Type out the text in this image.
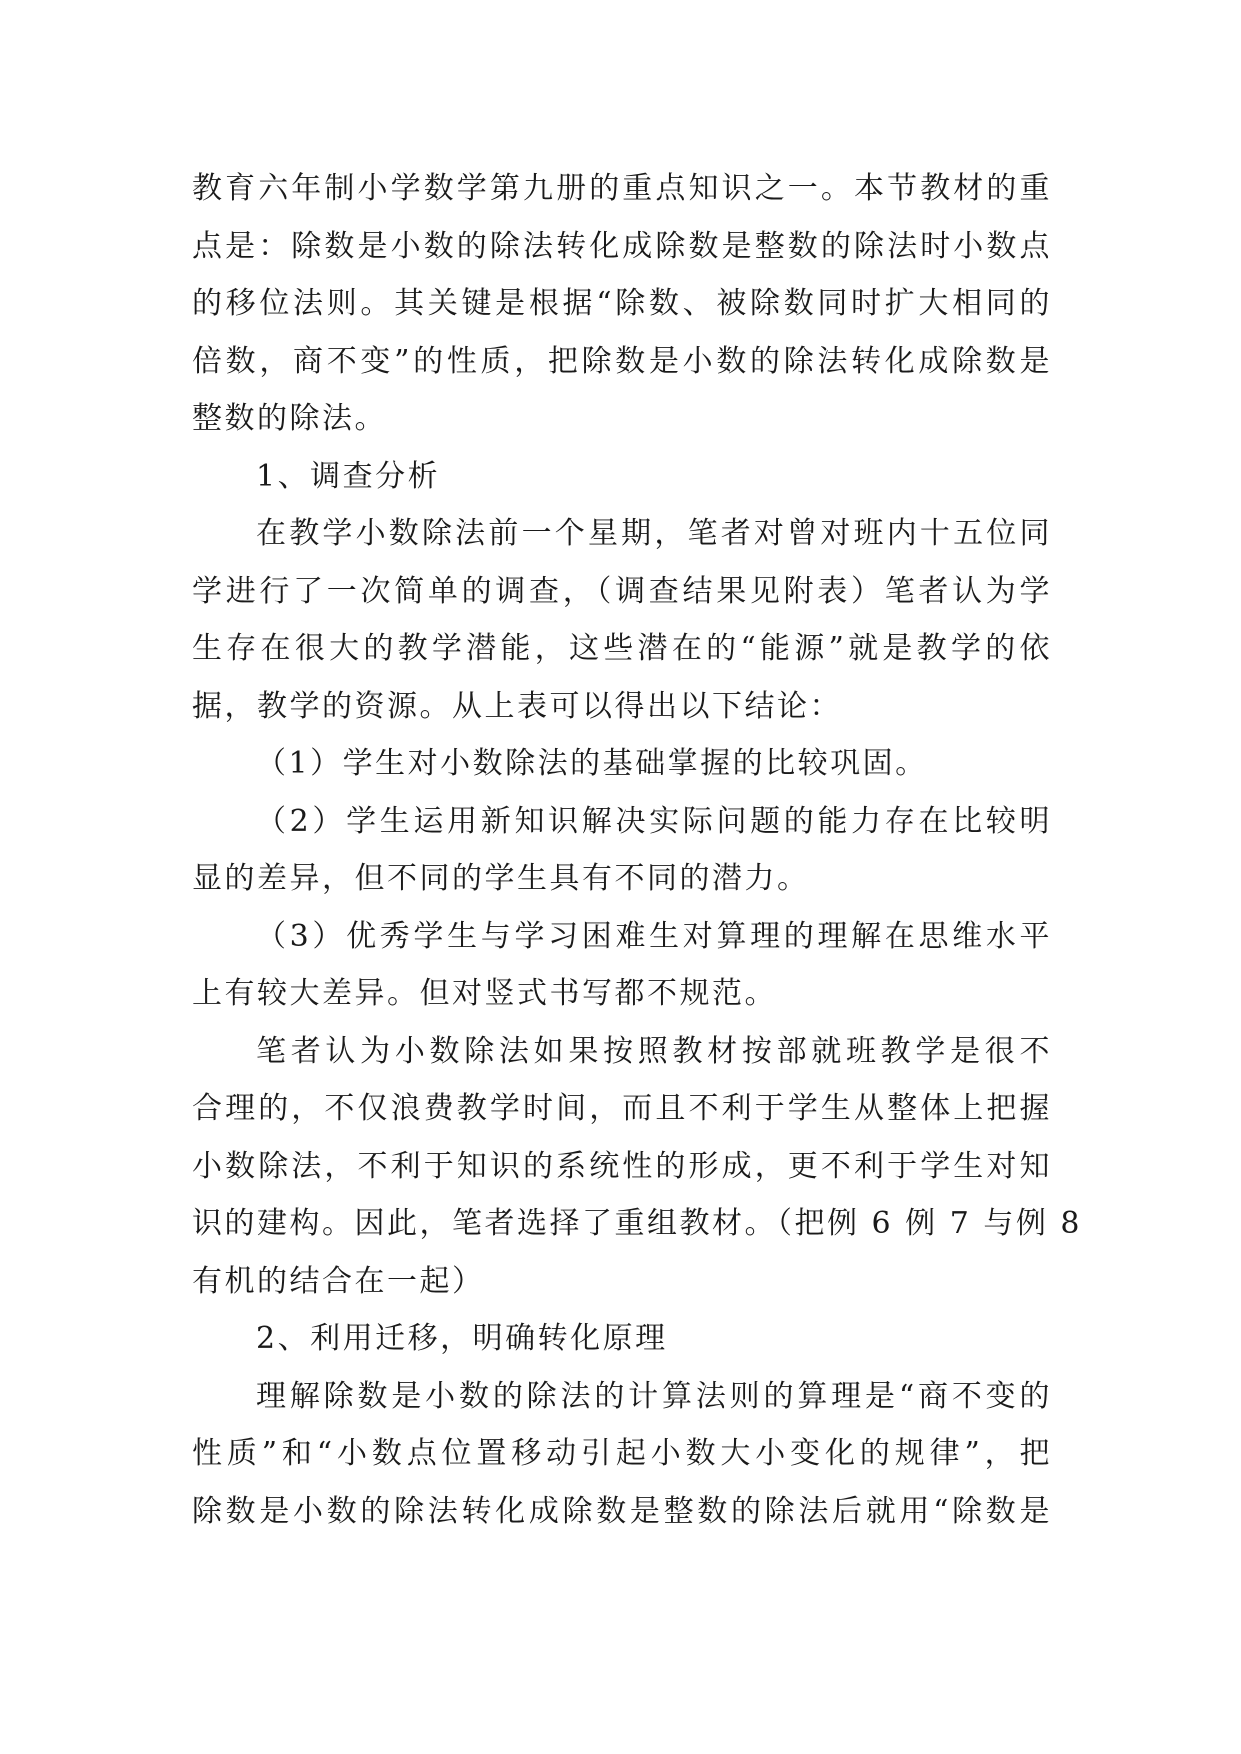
教育六年制小学数学第九册的重点知识之一。本节教材的重
点是：除数是小数的除法转化成除数是整数的除法时小数点
的移位法则。其关键是根据“除数、被除数同时扩大相同的
倍数，商不变”的性质，把除数是小数的除法转化成除数是
整数的除法。

1、调查分析

在教学小数除法前一个星期，笔者对曾对班内十五位同
学进行了一次简单的调查，（调查结果见附表）笔者认为学
生存在很大的教学潜能，这些潜在的“能源”就是教学的依
据，教学的资源。从上表可以得出以下结论：

（1）学生对小数除法的基础掌握的比较巩固。

（2）学生运用新知识解决实际问题的能力存在比较明
显的差异，但不同的学生具有不同的潜力。

（3）优秀学生与学习困难生对算理的理解在思维水平
上有较大差异。但对竖式书写都不规范。

笔者认为小数除法如果按照教材按部就班教学是很不
合理的，不仅浪费教学时间，而且不利于学生从整体上把握
小数除法，不利于知识的系统性的形成，更不利于学生对知
识的建构。因此，笔者选择了重组教材。（把例 6 例 7 与例 8
有机的结合在一起）

2、利用迁移，明确转化原理

理解除数是小数的除法的计算法则的算理是“商不变的
性质”和“小数点位置移动引起小数大小变化的规律”，把
除数是小数的除法转化成除数是整数的除法后就用“除数是
